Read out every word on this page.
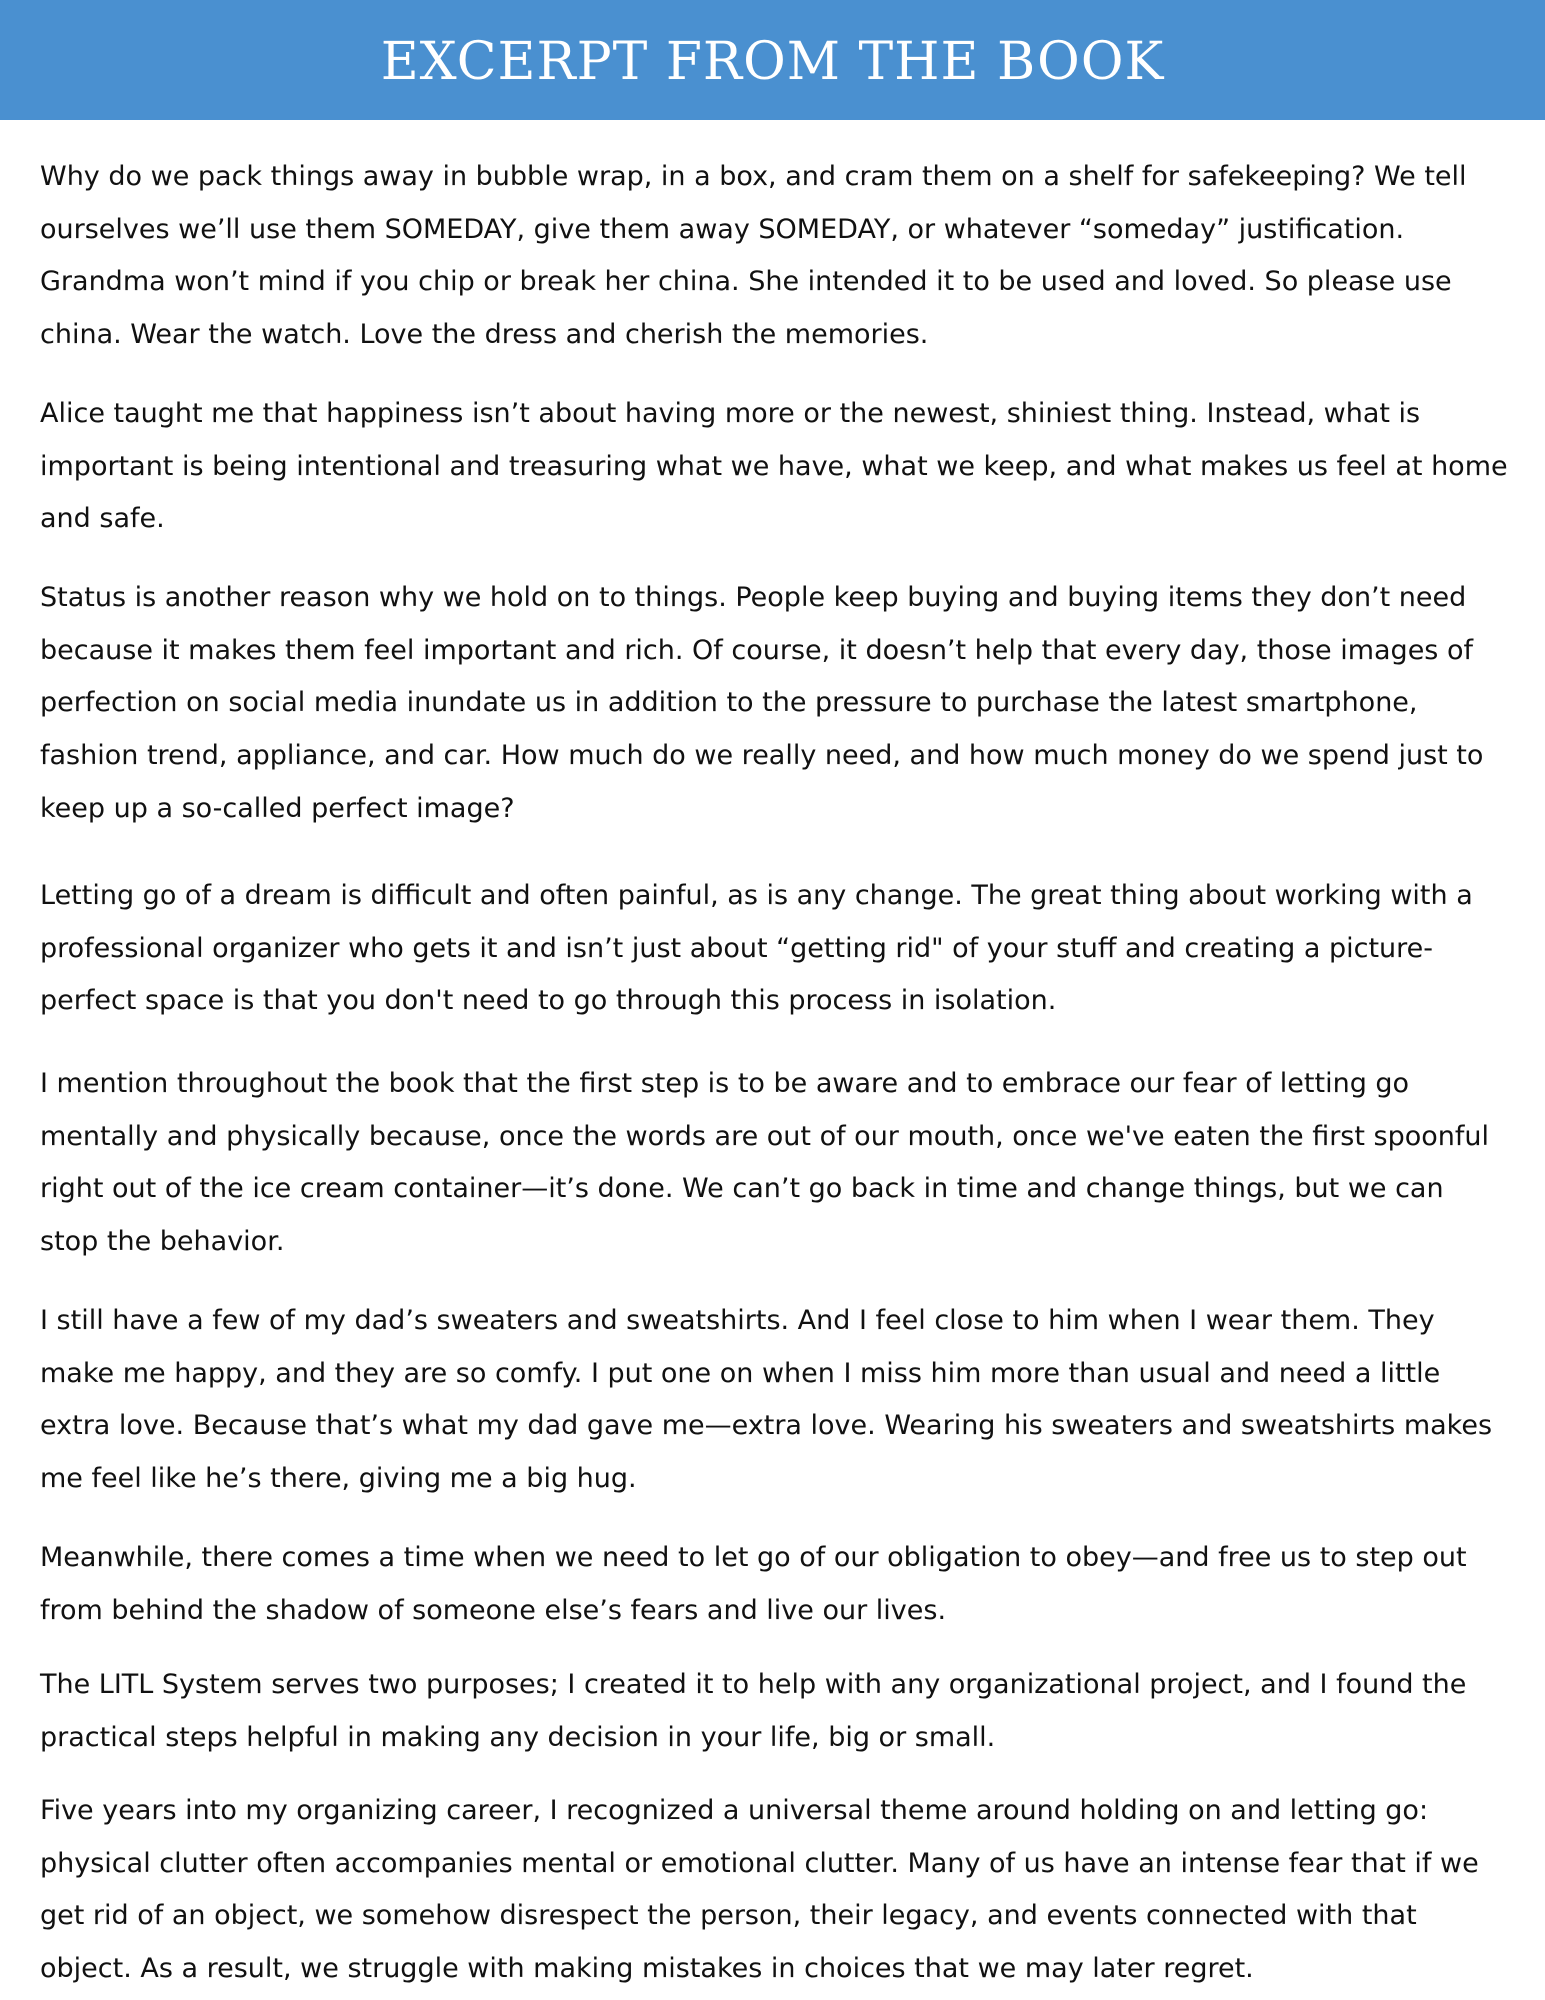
EXCERPT FROM THE BOOK

Why do we pack things away in bubble wrap, in a box, and cram them on a shelf for safekeeping? We tell ourselves we’ll use them SOMEDAY, give them away SOMEDAY, or whatever “someday” justification. Grandma won’t mind if you chip or break her china. She intended it to be used and loved. So please use china. Wear the watch. Love the dress and cherish the memories.

Alice taught me that happiness isn’t about having more or the newest, shiniest thing. Instead, what is important is being intentional and treasuring what we have, what we keep, and what makes us feel at home and safe.

Status is another reason why we hold on to things. People keep buying and buying items they don’t need because it makes them feel important and rich. Of course, it doesn’t help that every day, those images of perfection on social media inundate us in addition to the pressure to purchase the latest smartphone, fashion trend, appliance, and car. How much do we really need, and how much money do we spend just to keep up a so-called perfect image?

Letting go of a dream is difficult and often painful, as is any change. The great thing about working with a professional organizer who gets it and isn’t just about “getting rid" of your stuff and creating a picture-perfect space is that you don't need to go through this process in isolation.

I mention throughout the book that the first step is to be aware and to embrace our fear of letting go mentally and physically because, once the words are out of our mouth, once we've eaten the first spoonful right out of the ice cream container—it’s done. We can’t go back in time and change things, but we can stop the behavior.

I still have a few of my dad’s sweaters and sweatshirts. And I feel close to him when I wear them. They make me happy, and they are so comfy. I put one on when I miss him more than usual and need a little extra love. Because that’s what my dad gave me—extra love. Wearing his sweaters and sweatshirts makes me feel like he’s there, giving me a big hug.

Meanwhile, there comes a time when we need to let go of our obligation to obey—and free us to step out from behind the shadow of someone else’s fears and live our lives.

The LITL System serves two purposes; I created it to help with any organizational project, and I found the practical steps helpful in making any decision in your life, big or small.

Five years into my organizing career, I recognized a universal theme around holding on and letting go: physical clutter often accompanies mental or emotional clutter. Many of us have an intense fear that if we get rid of an object, we somehow disrespect the person, their legacy, and events connected with that object. As a result, we struggle with making mistakes in choices that we may later regret.
